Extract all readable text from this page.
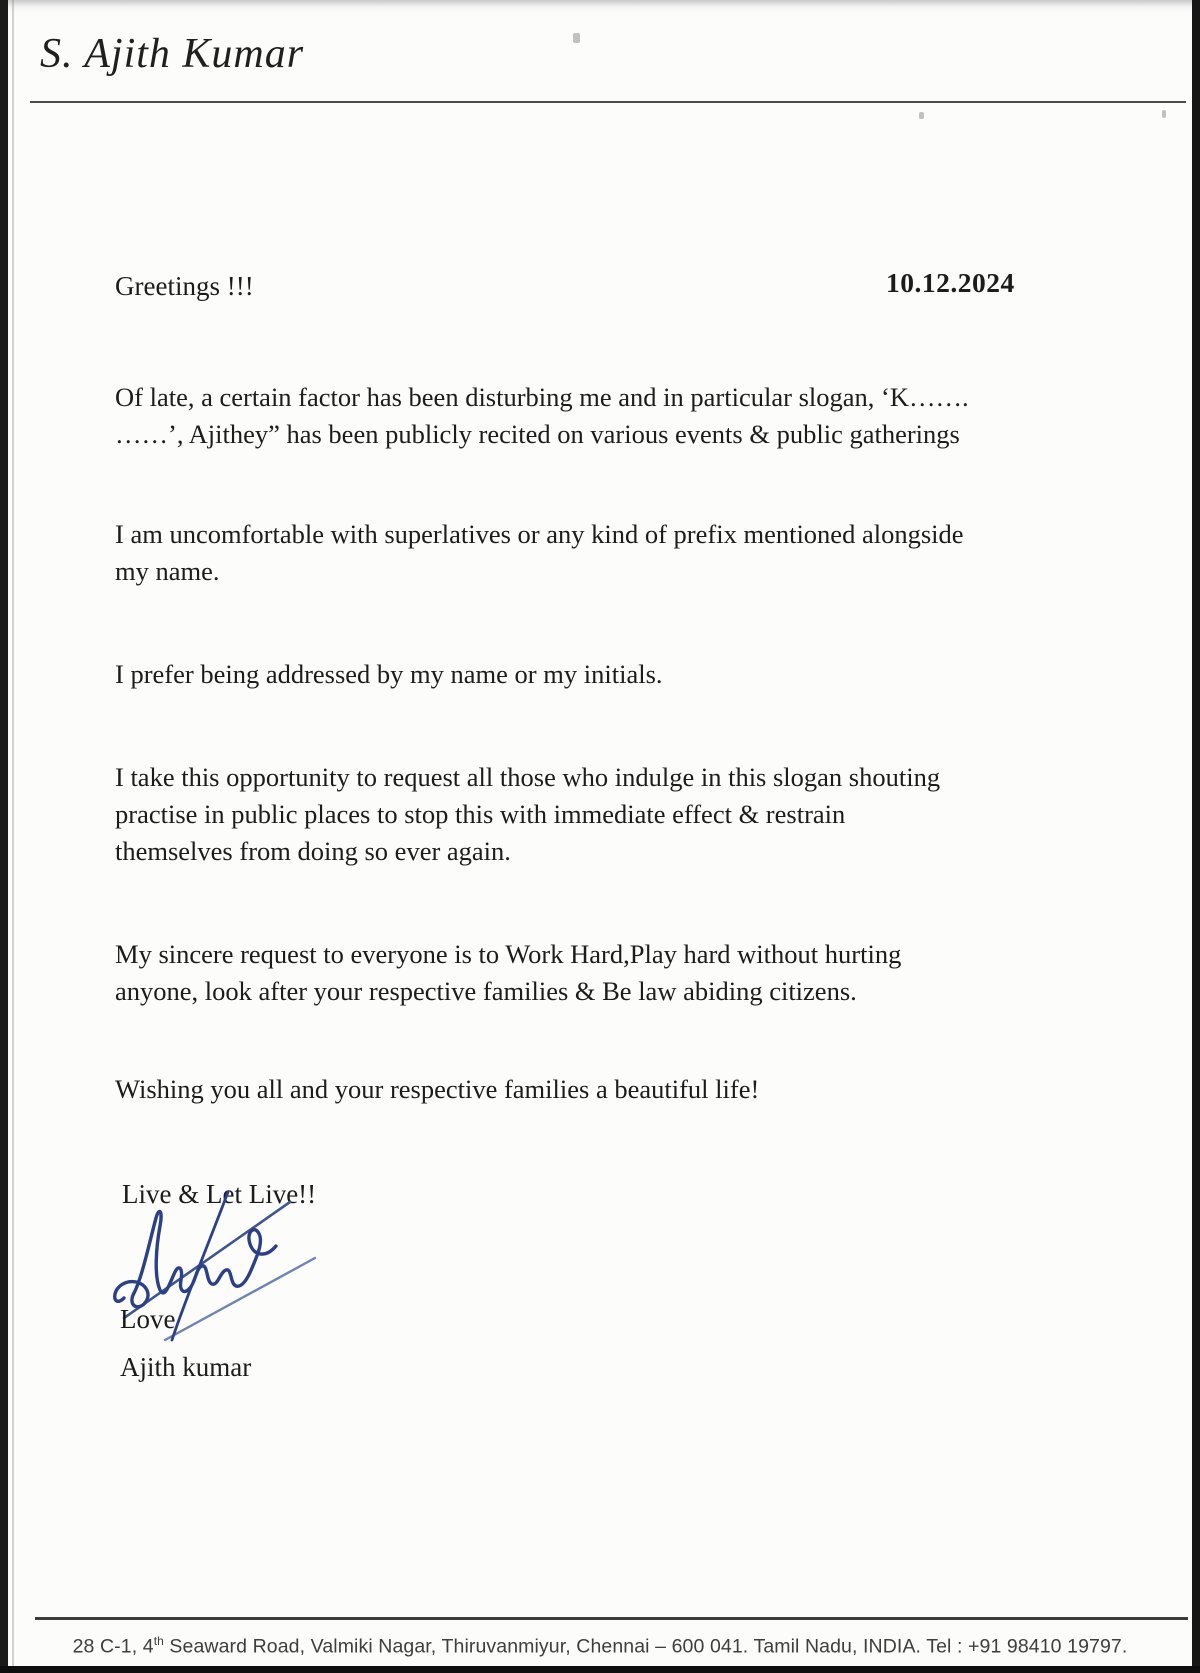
S. Ajith Kumar
Greetings !!!	10.12.2024
Of late, a certain factor has been disturbing me and in particular slogan, ‘K…….
……’, Ajithey” has been publicly recited on various events & public gatherings
I am uncomfortable with superlatives or any kind of prefix mentioned alongside
my name.
I prefer being addressed by my name or my initials.
I take this opportunity to request all those who indulge in this slogan shouting
practise in public places to stop this with immediate effect & restrain
themselves from doing so ever again.
My sincere request to everyone is to Work Hard,Play hard without hurting
anyone, look after your respective families & Be law abiding citizens.
Wishing you all and your respective families a beautiful life!
Live & Let Live!!
Love
Ajith kumar
28 C-1, 4th Seaward Road, Valmiki Nagar, Thiruvanmiyur, Chennai – 600 041. Tamil Nadu, INDIA. Tel : +91 98410 19797.
